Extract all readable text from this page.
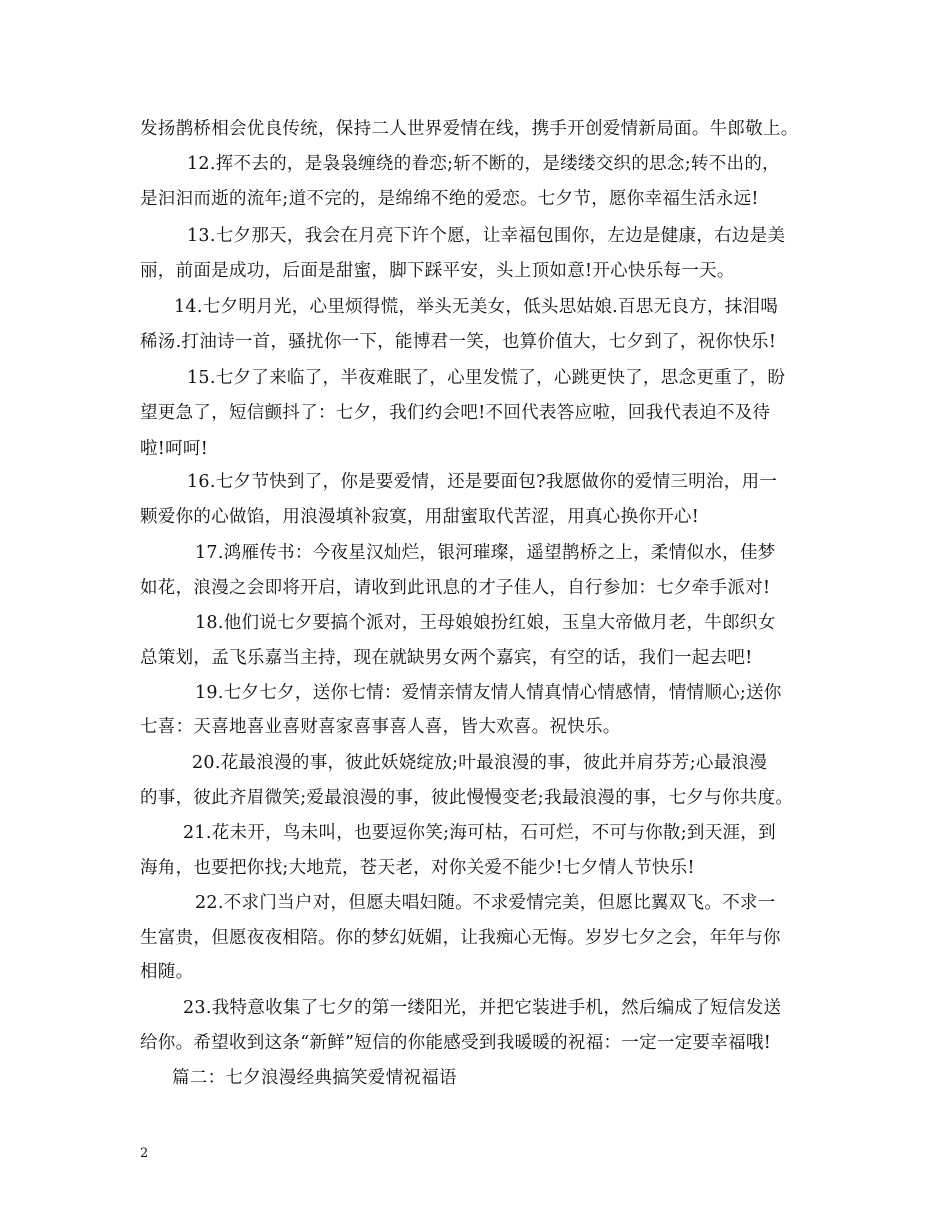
发扬鹊桥相会优良传统，保持二人世界爱情在线，携手开创爱情新局面。牛郎敬上。
12.挥不去的，是袅袅缠绕的眷恋;斩不断的，是缕缕交织的思念;转不出的，
是汩汩而逝的流年;道不完的，是绵绵不绝的爱恋。七夕节，愿你幸福生活永远!
13.七夕那天，我会在月亮下许个愿，让幸福包围你，左边是健康，右边是美
丽，前面是成功，后面是甜蜜，脚下踩平安，头上顶如意!开心快乐每一天。
14.七夕明月光，心里烦得慌，举头无美女，低头思姑娘.百思无良方，抹泪喝
稀汤.打油诗一首，骚扰你一下，能博君一笑，也算价值大，七夕到了，祝你快乐!
15.七夕了来临了，半夜难眠了，心里发慌了，心跳更快了，思念更重了，盼
望更急了，短信颤抖了：七夕，我们约会吧!不回代表答应啦，回我代表迫不及待
啦!呵呵!
16.七夕节快到了，你是要爱情，还是要面包?我愿做你的爱情三明治，用一
颗爱你的心做馅，用浪漫填补寂寞，用甜蜜取代苦涩，用真心换你开心!
17.鸿雁传书：今夜星汉灿烂，银河璀璨，遥望鹊桥之上，柔情似水，佳梦
如花，浪漫之会即将开启，请收到此讯息的才子佳人，自行参加：七夕牵手派对!
18.他们说七夕要搞个派对，王母娘娘扮红娘，玉皇大帝做月老，牛郎织女
总策划，孟飞乐嘉当主持，现在就缺男女两个嘉宾，有空的话，我们一起去吧!
19.七夕七夕，送你七情：爱情亲情友情人情真情心情感情，情情顺心;送你
七喜：天喜地喜业喜财喜家喜事喜人喜，皆大欢喜。祝快乐。
20.花最浪漫的事，彼此妖娆绽放;叶最浪漫的事，彼此并肩芬芳;心最浪漫
的事，彼此齐眉微笑;爱最浪漫的事，彼此慢慢变老;我最浪漫的事，七夕与你共度。
21.花未开，鸟未叫，也要逗你笑;海可枯，石可烂，不可与你散;到天涯，到
海角，也要把你找;大地荒，苍天老，对你关爱不能少!七夕情人节快乐!
22.不求门当户对，但愿夫唱妇随。不求爱情完美，但愿比翼双飞。不求一
生富贵，但愿夜夜相陪。你的梦幻妩媚，让我痴心无悔。岁岁七夕之会，年年与你
相随。
23.我特意收集了七夕的第一缕阳光，并把它装进手机，然后编成了短信发送
给你。希望收到这条“新鲜”短信的你能感受到我暖暖的祝福：一定一定要幸福哦!
篇二：七夕浪漫经典搞笑爱情祝福语
2
